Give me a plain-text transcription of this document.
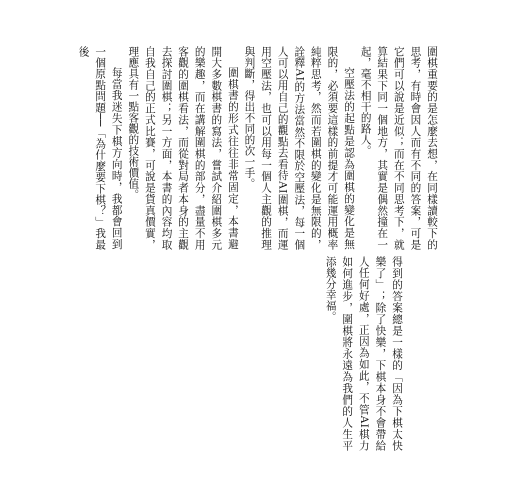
圍棋重要的是怎麼去想，在同樣讀較下的思考，有時會因人而有不同的答案，可是它們可以說是近似；而在不同思考下，就算結果下同一個地方，其實是偶然撞在一起，毫不相干的路人。

空壓法的起點是認為圍棋的變化是無限的，必須要這樣的前提才可能運用概率純粹思考，然而若圍棋的變化是無限的，詮釋AI的方法當然不限於空壓法，每一個人可以用自己的觀點去看待AI圍棋，而運用空壓法，也可以用每一個人主觀的推理與判斷，得出不同的次一手。

圍棋書的形式往往非常固定，本書避開大多數棋書的寫法，嘗試介紹圍棋多元的樂趣，而在講解圍棋的部分，盡量不用客觀的圍棋看法，而從對局者本身的主觀去探討圍棋；另一方面，本書的內容均取自我自己的正式比賽，可說是貨真價實，理應具有一點客觀的技術價值。

每當我迷失下棋方向時，我都會回到一個原點問題──「為什麼要下棋？」我最後

得到的答案總是一樣的「因為下棋太快樂了」；除了快樂，下棋本身不會帶給人任何好處，正因為如此，不管AI棋力如何進步，圍棋將永遠為我們的人生平添幾分幸福。
